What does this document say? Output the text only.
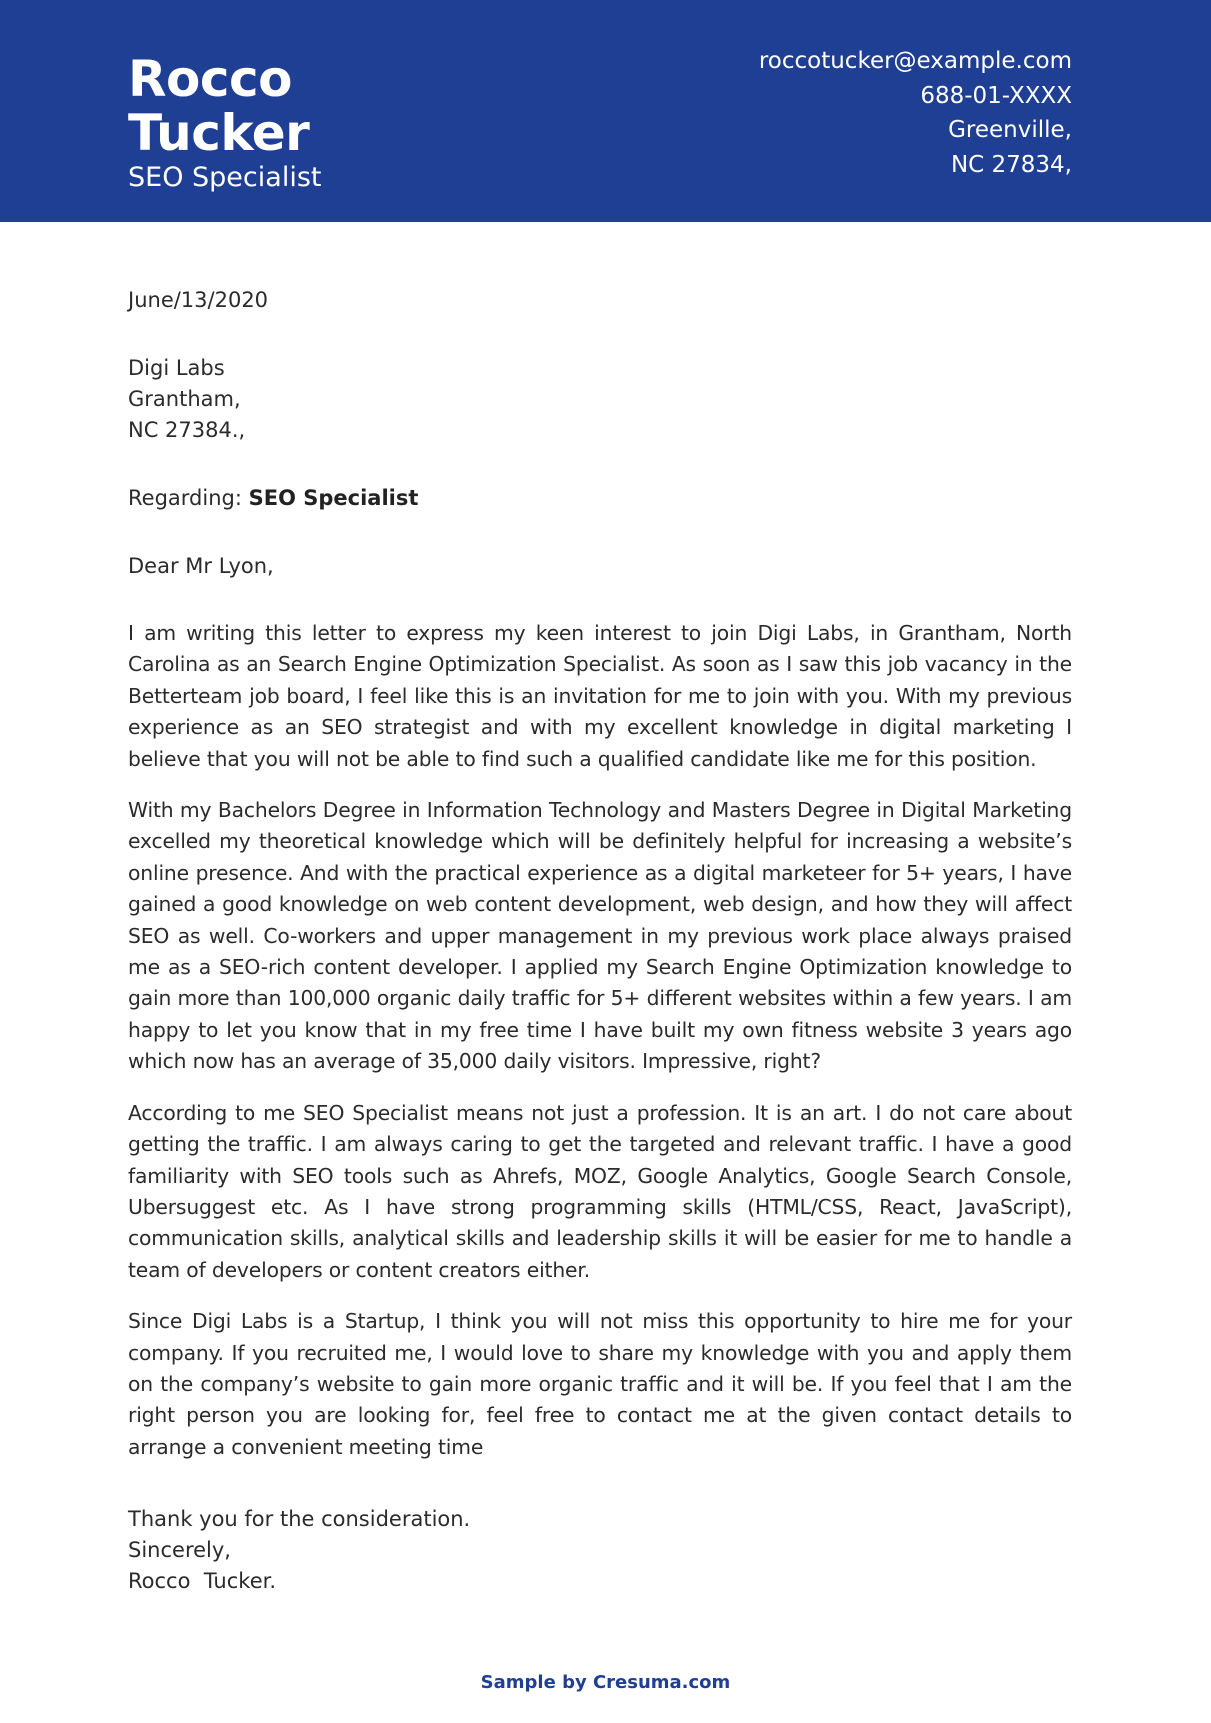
Rocco
Tucker
SEO Specialist
roccotucker@example.com
688-01-XXXX
Greenville,
NC 27834,
June/13/2020
Digi Labs
Grantham,
NC 27384.,
Regarding: SEO Specialist
Dear Mr Lyon,

I am writing this letter to express my keen interest to join Digi Labs, in Grantham, North Carolina as an Search Engine Optimization Specialist. As soon as I saw this job vacancy in the Betterteam job board, I feel like this is an invitation for me to join with you. With my previous experience as an SEO strategist and with my excellent knowledge in digital marketing I believe that you will not be able to find such a qualified candidate like me for this position.

With my Bachelors Degree in Information Technology and Masters Degree in Digital Marketing excelled my theoretical knowledge which will be definitely helpful for increasing a website’s online presence. And with the practical experience as a digital marketeer for 5+ years, I have gained a good knowledge on web content development, web design, and how they will affect SEO as well. Co-workers and upper management in my previous work place always praised me as a SEO-rich content developer. I applied my Search Engine Optimization knowledge to gain more than 100,000 organic daily traffic for 5+ different websites within a few years. I am happy to let you know that in my free time I have built my own fitness website 3 years ago which now has an average of 35,000 daily visitors. Impressive, right?

According to me SEO Specialist means not just a profession. It is an art. I do not care about getting the traffic. I am always caring to get the targeted and relevant traffic. I have a good familiarity with SEO tools such as Ahrefs, MOZ, Google Analytics, Google Search Console, Ubersuggest etc. As I have strong programming skills (HTML/CSS, React, JavaScript), communication skills, analytical skills and leadership skills it will be easier for me to handle a team of developers or content creators either.

Since Digi Labs is a Startup, I think you will not miss this opportunity to hire me for your company. If you recruited me, I would love to share my knowledge with you and apply them on the company’s website to gain more organic traffic and it will be. If you feel that I am the right person you are looking for, feel free to contact me at the given contact details to arrange a convenient meeting time

Thank you for the consideration.
Sincerely,
Rocco  Tucker.
Sample by Cresuma.com
